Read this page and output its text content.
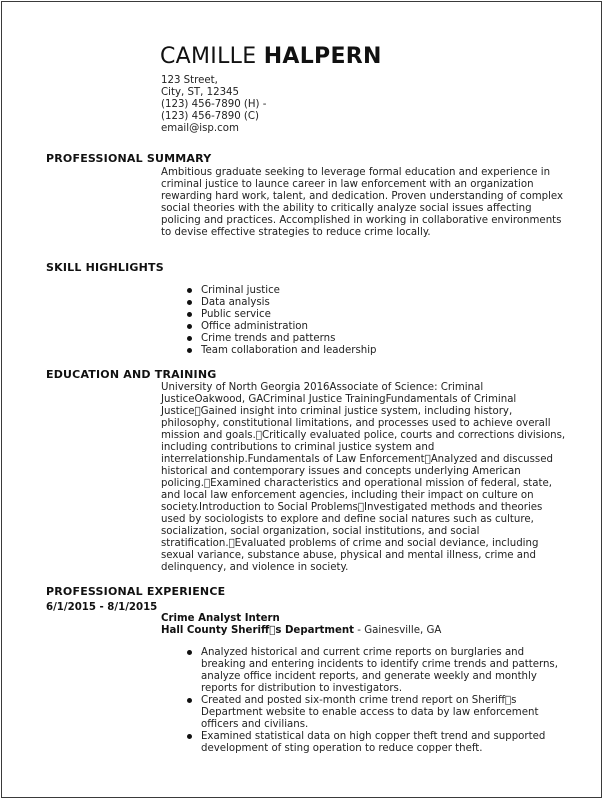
CAMILLE HALPERN
123 Street,
City, ST, 12345
(123) 456-7890 (H) -
(123) 456-7890 (C)
email@isp.com
PROFESSIONAL SUMMARY
Ambitious graduate seeking to leverage formal education and experience in criminal justice to launce career in law enforcement with an organization rewarding hard work, talent, and dedication. Proven understanding of complex social theories with the ability to critically analyze social issues affecting policing and practices. Accomplished in working in collaborative environments to devise effective strategies to reduce crime locally.
SKILL HIGHLIGHTS
Criminal justice
Data analysis
Public service
Office administration
Crime trends and patterns
Team collaboration and leadership
EDUCATION AND TRAINING
University of North Georgia 2016Associate of Science: Criminal JusticeOakwood, GACriminal Justice TrainingFundamentals of Criminal Justice Gained insight into criminal justice system, including history, philosophy, constitutional limitations, and processes used to achieve overall mission and goals. Critically evaluated police, courts and corrections divisions, including contributions to criminal justice system and interrelationship.Fundamentals of Law Enforcement Analyzed and discussed historical and contemporary issues and concepts underlying American policing. Examined characteristics and operational mission of federal, state, and local law enforcement agencies, including their impact on culture on society.Introduction to Social Problems Investigated methods and theories used by sociologists to explore and define social natures such as culture, socialization, social organization, social institutions, and social stratification. Evaluated problems of crime and social deviance, including sexual variance, substance abuse, physical and mental illness, crime and delinquency, and violence in society.
PROFESSIONAL EXPERIENCE
6/1/2015 - 8/1/2015
Crime Analyst Intern
Hall County Sheriff s Department - Gainesville, GA
Analyzed historical and current crime reports on burglaries and breaking and entering incidents to identify crime trends and patterns, analyze office incident reports, and generate weekly and monthly reports for distribution to investigators.
Created and posted six-month crime trend report on Sheriff s Department website to enable access to data by law enforcement officers and civilians.
Examined statistical data on high copper theft trend and supported development of sting operation to reduce copper theft.
